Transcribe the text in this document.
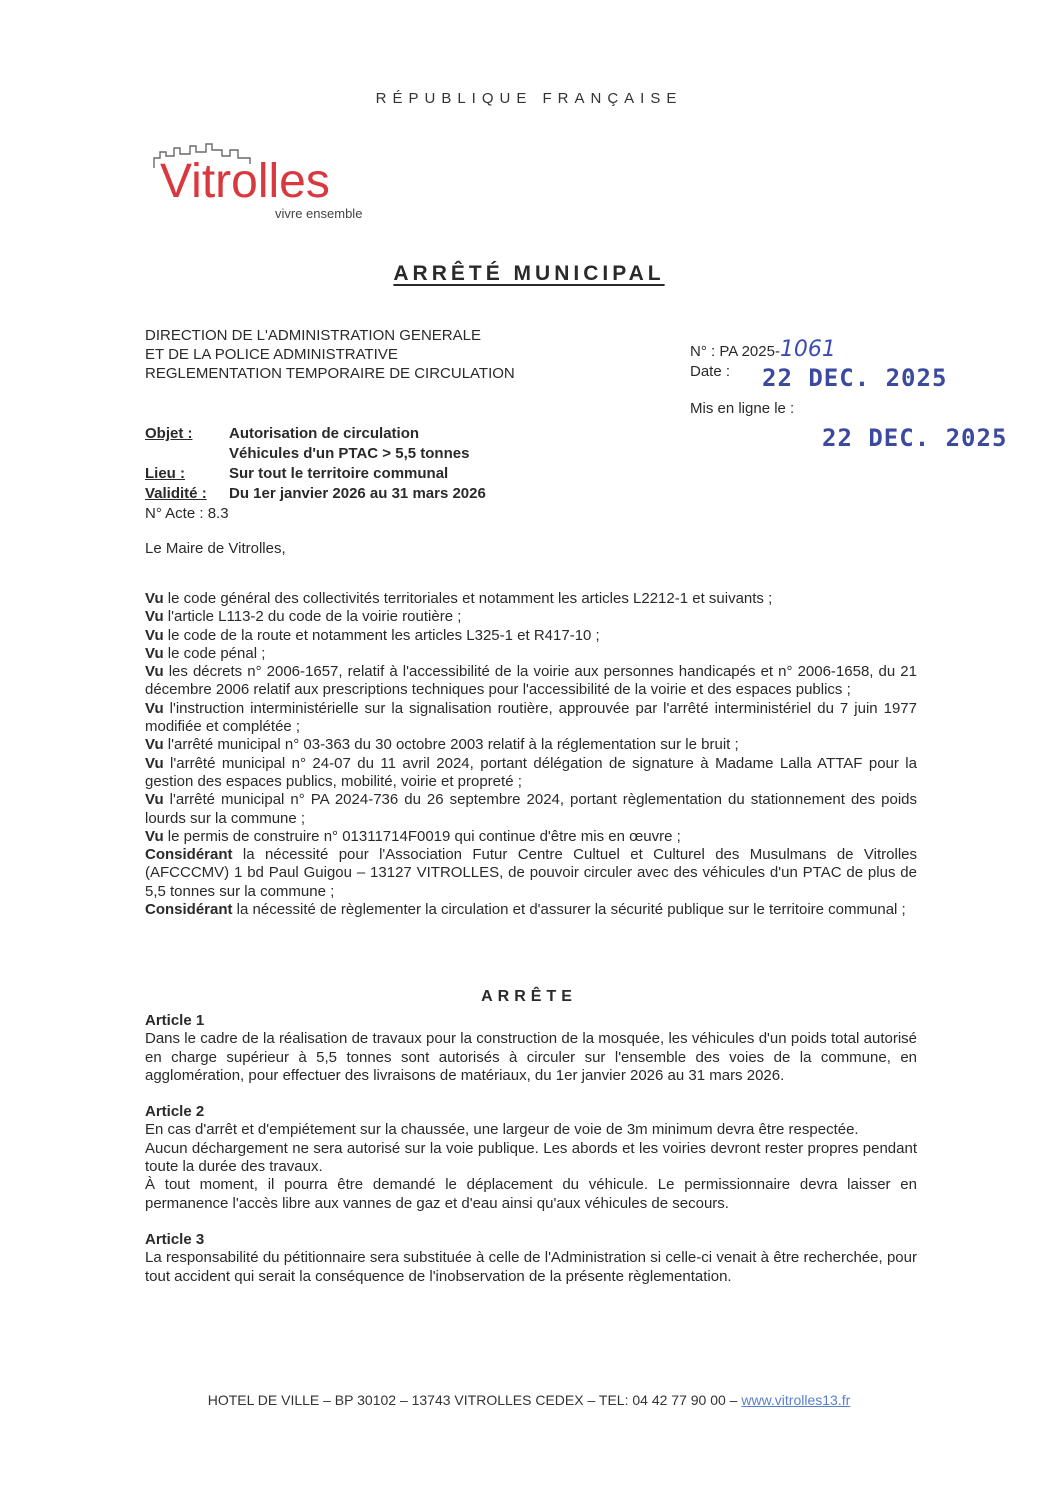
RÉPUBLIQUE FRANÇAISE
Vitrolles
vivre ensemble
ARRÊTÉ MUNICIPAL
DIRECTION DE L'ADMINISTRATION GENERALE
ET DE LA POLICE ADMINISTRATIVE
REGLEMENTATION TEMPORAIRE DE CIRCULATION
N° : PA 2025-1061
Date :	22 DEC. 2025
Mis en ligne le :
22 DEC. 2025
Objet :	Autorisation de circulation
Véhicules d'un PTAC > 5,5 tonnes
Lieu :	Sur tout le territoire communal
Validité :	Du 1er janvier 2026 au 31 mars 2026
N° Acte : 8.3
Le Maire de Vitrolles,

Vu le code général des collectivités territoriales et notamment les articles L2212-1 et suivants ;

Vu l'article L113-2 du code de la voirie routière ;

Vu le code de la route et notamment les articles L325-1 et R417-10 ;

Vu le code pénal ;

Vu les décrets n° 2006-1657, relatif à l'accessibilité de la voirie aux personnes handicapés et n° 2006-1658, du 21 décembre 2006 relatif aux prescriptions techniques pour l'accessibilité de la voirie et des espaces publics ;

Vu l'instruction interministérielle sur la signalisation routière, approuvée par l'arrêté interministériel du 7 juin 1977 modifiée et complétée ;

Vu l'arrêté municipal n° 03-363 du 30 octobre 2003 relatif à la réglementation sur le bruit ;

Vu l'arrêté municipal n° 24-07 du 11 avril 2024, portant délégation de signature à Madame Lalla ATTAF pour la gestion des espaces publics, mobilité, voirie et propreté ;

Vu l'arrêté municipal n° PA 2024-736 du 26 septembre 2024, portant règlementation du stationnement des poids lourds sur la commune ;

Vu le permis de construire n° 01311714F0019 qui continue d'être mis en œuvre ;

Considérant la nécessité pour l'Association Futur Centre Cultuel et Culturel des Musulmans de Vitrolles (AFCCCMV) 1 bd Paul Guigou – 13127 VITROLLES, de pouvoir circuler avec des véhicules d'un PTAC de plus de 5,5 tonnes sur la commune ;

Considérant la nécessité de règlementer la circulation et d'assurer la sécurité publique sur le territoire communal ;

ARRÊTE
Article 1

Dans le cadre de la réalisation de travaux pour la construction de la mosquée, les véhicules d'un poids total autorisé en charge supérieur à 5,5 tonnes sont autorisés à circuler sur l'ensemble des voies de la commune, en agglomération, pour effectuer des livraisons de matériaux, du 1er janvier 2026 au 31 mars 2026.

Article 2

En cas d'arrêt et d'empiétement sur la chaussée, une largeur de voie de 3m minimum devra être respectée.

Aucun déchargement ne sera autorisé sur la voie publique. Les abords et les voiries devront rester propres pendant toute la durée des travaux.

À tout moment, il pourra être demandé le déplacement du véhicule. Le permissionnaire devra laisser en permanence l'accès libre aux vannes de gaz et d'eau ainsi qu'aux véhicules de secours.

Article 3

La responsabilité du pétitionnaire sera substituée à celle de l'Administration si celle-ci venait à être recherchée, pour tout accident qui serait la conséquence de l'inobservation de la présente règlementation.

HOTEL DE VILLE – BP 30102 – 13743 VITROLLES CEDEX – TEL: 04 42 77 90 00 – www.vitrolles13.fr
